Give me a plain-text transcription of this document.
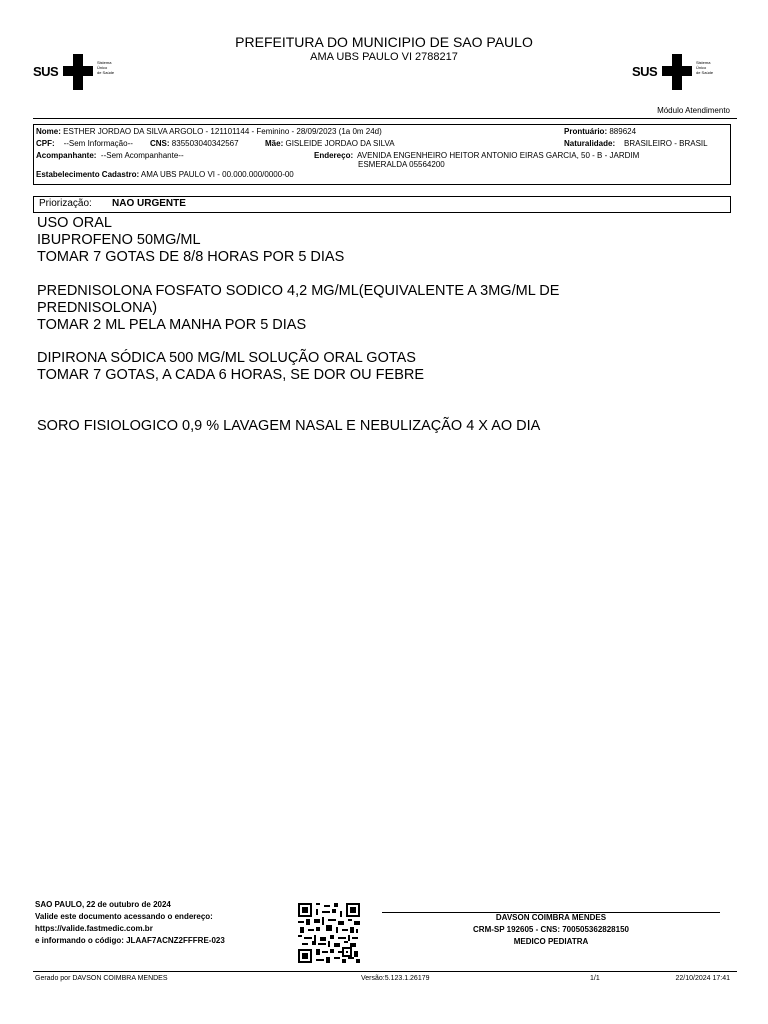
PREFEITURA DO MUNICIPIO DE SAO PAULO
AMA UBS PAULO VI 2788217
SUS
Sistema
Único
de Saúde	SUS
Sistema
Único
de Saúde
Módulo Atendimento
Nome: ESTHER JORDAO DA SILVA ARGOLO - 121101144 - Feminino - 28/09/2023 (1a 0m 24d)	Prontuário: 889624
CPF: --Sem Informação-- CNS: 835503040342567	Mãe: GISLEIDE JORDAO DA SILVA	Naturalidade: BRASILEIRO - BRASIL
Acompanhante: --Sem Acompanhante--	Endereço: AVENIDA ENGENHEIRO HEITOR ANTONIO EIRAS GARCIA, 50 - B - JARDIM
ESMERALDA 05564200
Estabelecimento Cadastro: AMA UBS PAULO VI - 00.000.000/0000-00
Priorização: NAO URGENTE
USO ORAL
IBUPROFENO 50MG/ML
TOMAR 7 GOTAS DE 8/8 HORAS POR 5 DIAS
PREDNISOLONA FOSFATO SODICO 4,2 MG/ML(EQUIVALENTE A 3MG/ML DE
PREDNISOLONA)
TOMAR 2 ML PELA MANHA POR 5 DIAS
DIPIRONA SÓDICA 500 MG/ML SOLUÇÃO ORAL GOTAS
TOMAR 7 GOTAS, A CADA 6 HORAS, SE DOR OU FEBRE
SORO FISIOLOGICO 0,9 % LAVAGEM NASAL E NEBULIZAÇÃO 4 X AO DIA
SAO PAULO, 22 de outubro de 2024
Valide este documento acessando o endereço:
https://valide.fastmedic.com.br
e informando o código: JLAAF7ACNZ2FFFRE-023
DAVSON COIMBRA MENDES
CRM-SP 192605 - CNS: 700505362828150
MEDICO PEDIATRA
Gerado por DAVSON COIMBRA MENDES	Versão:5.123.1.26179	1/1	22/10/2024 17:41
